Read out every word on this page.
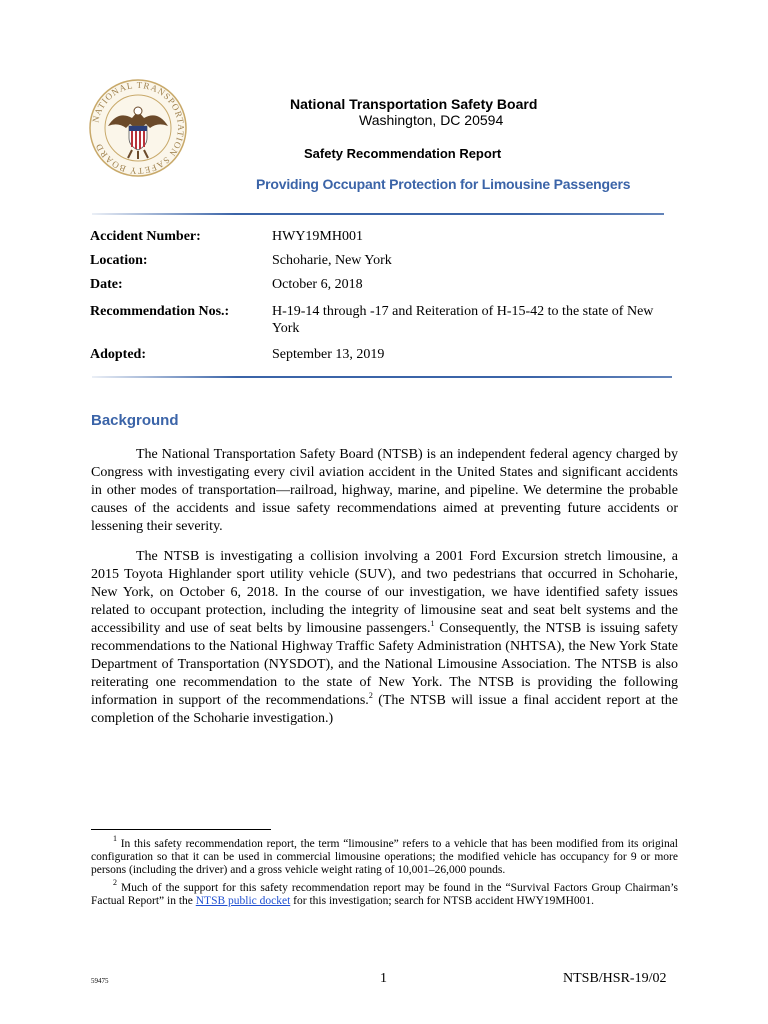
NATIONAL TRANSPORTATION SAFETY BOARD
National Transportation Safety Board
Washington, DC 20594
Safety Recommendation Report
Providing Occupant Protection for Limousine Passengers
Accident Number:	HWY19MH001
Location:	Schoharie, New York
Date:	October 6, 2018
Recommendation Nos.:	H-19-14 through -17 and Reiteration of H-15-42 to the state of New York
Adopted:	September 13, 2019
Background

The National Transportation Safety Board (NTSB) is an independent federal agency charged by Congress with investigating every civil aviation accident in the United States and significant accidents in other modes of transportation—railroad, highway, marine, and pipeline. We determine the probable causes of the accidents and issue safety recommendations aimed at preventing future accidents or lessening their severity.

The NTSB is investigating a collision involving a 2001 Ford Excursion stretch limousine, a 2015 Toyota Highlander sport utility vehicle (SUV), and two pedestrians that occurred in Schoharie, New York, on October 6, 2018. In the course of our investigation, we have identified safety issues related to occupant protection, including the integrity of limousine seat and seat belt systems and the accessibility and use of seat belts by limousine passengers.$^1$ Consequently, the NTSB is issuing safety recommendations to the National Highway Traffic Safety Administration (NHTSA), the New York State Department of Transportation (NYSDOT), and the National Limousine Association. The NTSB is also reiterating one recommendation to the state of New York. The NTSB is providing the following information in support of the recommendations.$^2$ (The NTSB will issue a final accident report at the completion of the Schoharie investigation.)

$^1$ In this safety recommendation report, the term “limousine” refers to a vehicle that has been modified from its original configuration so that it can be used in commercial limousine operations; the modified vehicle has occupancy for 9 or more persons (including the driver) and a gross vehicle weight rating of 10,001–26,000 pounds.

$^2$ Much of the support for this safety recommendation report may be found in the “Survival Factors Group Chairman’s Factual Report” in the NTSB public docket for this investigation; search for NTSB accident HWY19MH001.

59475	1	NTSB/HSR-19/02
